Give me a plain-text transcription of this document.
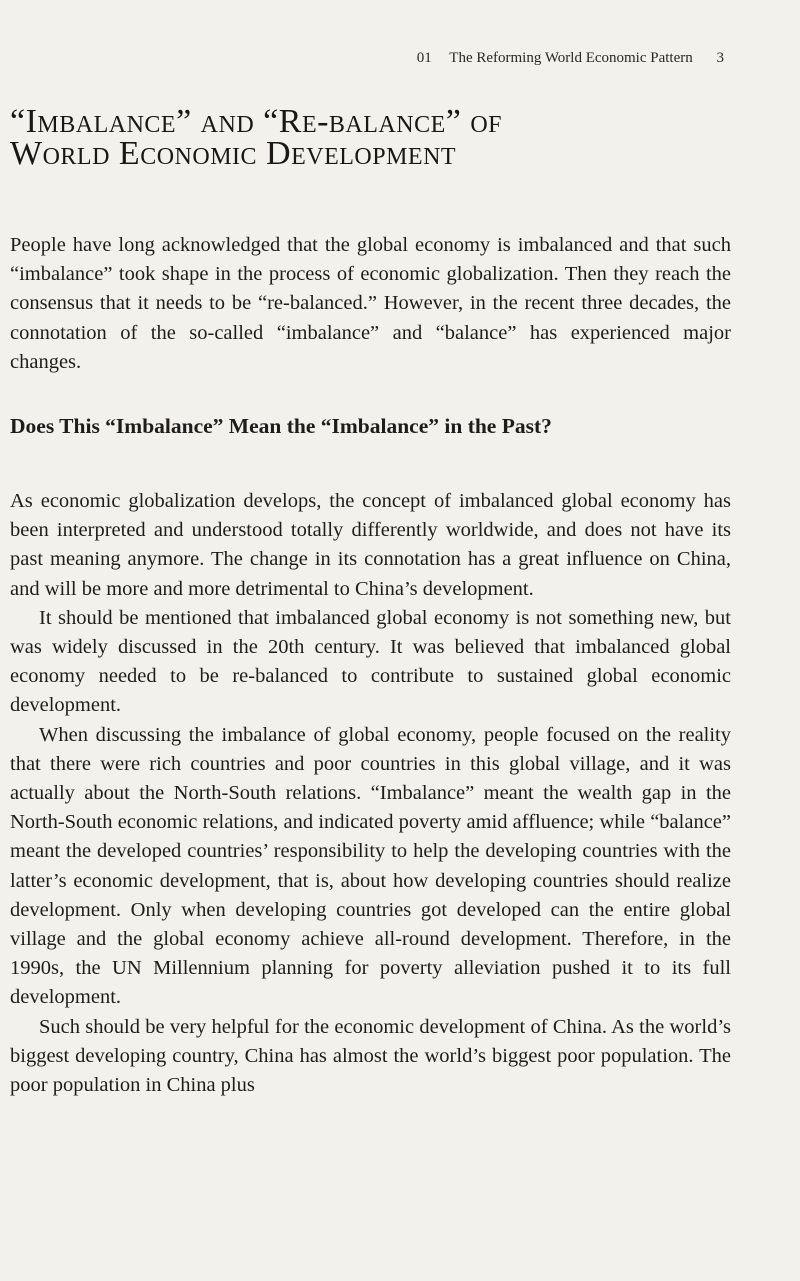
01 The Reforming World Economic Pattern 3
“Imbalance” and “Re-balance” of
World Economic Development

People have long acknowledged that the global economy is imbalanced and that such “imbalance” took shape in the process of economic globalization. Then they reach the consensus that it needs to be “re-balanced.” However, in the recent three decades, the connotation of the so-called “imbalance” and “balance” has experienced major changes.

Does This “Imbalance” Mean the “Imbalance” in the Past?

As economic globalization develops, the concept of imbalanced global economy has been interpreted and understood totally differently worldwide, and does not have its past meaning anymore. The change in its connotation has a great influence on China, and will be more and more detrimental to China’s development.

It should be mentioned that imbalanced global economy is not something new, but was widely discussed in the 20th century. It was believed that imbalanced global economy needed to be re-balanced to contribute to sustained global economic development.

When discussing the imbalance of global economy, people focused on the reality that there were rich countries and poor countries in this global village, and it was actually about the North-South relations. “Imbalance” meant the wealth gap in the North-South economic relations, and indicated poverty amid affluence; while “balance” meant the developed countries’ responsibility to help the developing countries with the latter’s economic development, that is, about how developing countries should realize development. Only when developing countries got developed can the entire global village and the global economy achieve all-round development. Therefore, in the 1990s, the UN Millennium planning for poverty alleviation pushed it to its full development.

Such should be very helpful for the economic development of China. As the world’s biggest developing country, China has almost the world’s biggest poor population. The poor population in China plus
